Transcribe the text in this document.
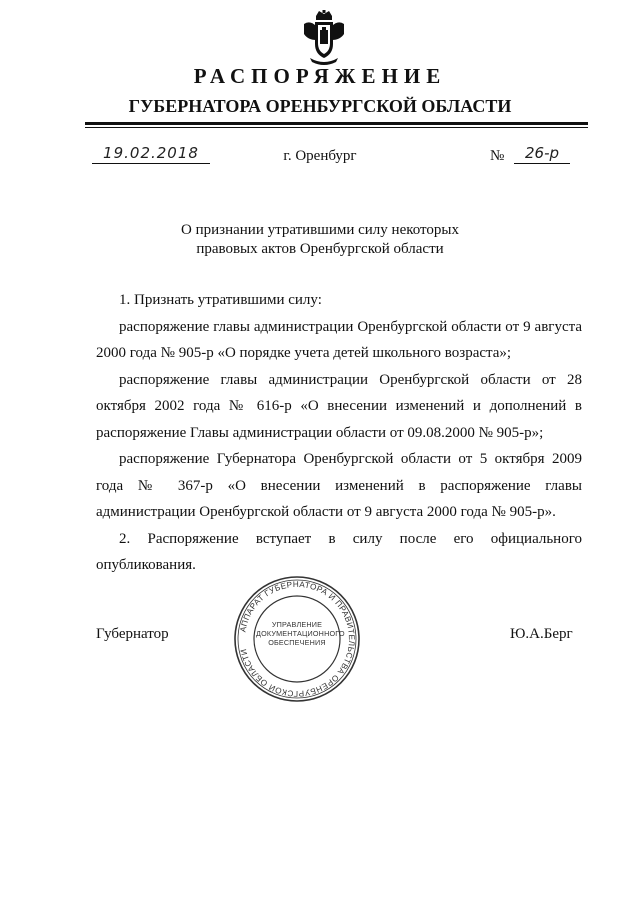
РАСПОРЯЖЕНИЕ
ГУБЕРНАТОРА ОРЕНБУРГСКОЙ ОБЛАСТИ
19.02.2018	г. Оренбург	№	26-р
О признании утратившими силу некоторых
правовых актов Оренбургской области

1. Признать утратившими силу:

распоряжение главы администрации Оренбургской области от 9 августа 2000 года № 905-р «О порядке учета детей школьного возраста»;

распоряжение главы администрации Оренбургской области от 28 октября 2002 года № 616-р «О внесении изменений и дополнений в распоряжение Главы администрации области от 09.08.2000 № 905-р»;

распоряжение Губернатора Оренбургской области от 5 октября 2009 года № 367-р «О внесении изменений в распоряжение главы администрации Оренбургской области от 9 августа 2000 года № 905-р».

2. Распоряжение вступает в силу после его официального опубликования.

Губернатор	Ю.А.Берг
АППАРАТ ГУБЕРНАТОРА И ПРАВИТЕЛЬСТВА ОРЕНБУРГСКОЙ ОБЛАСТИ
УПРАВЛЕНИЕ
ДОКУМЕНТАЦИОННОГО
ОБЕСПЕЧЕНИЯ
